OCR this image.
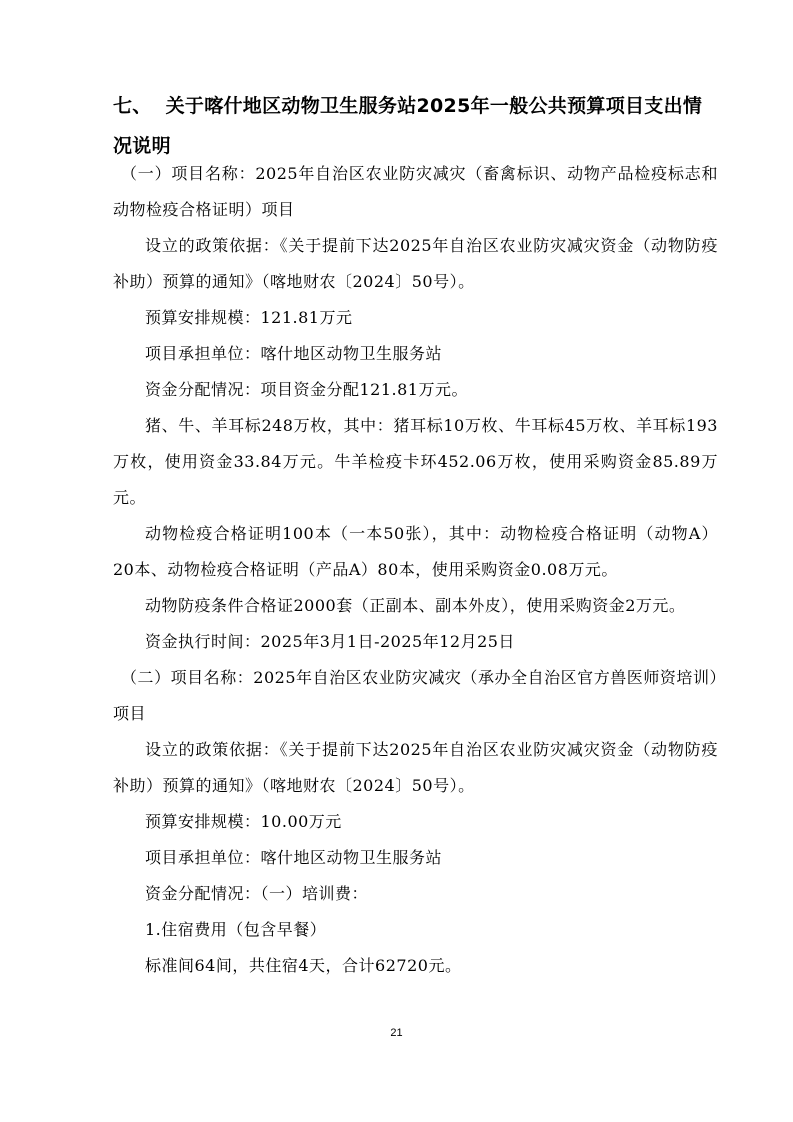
七、 关于喀什地区动物卫生服务站2025年一般公共预算项目支出情况说明

（一）项目名称：2025年自治区农业防灾减灾（畜禽标识、动物产品检疫标志和动物检疫合格证明）项目

设立的政策依据：《关于提前下达2025年自治区农业防灾减灾资金（动物防疫补助）预算的通知》（喀地财农〔2024〕50号）。

预算安排规模：121.81万元

项目承担单位：喀什地区动物卫生服务站

资金分配情况：项目资金分配121.81万元。

猪、牛、羊耳标248万枚，其中：猪耳标10万枚、牛耳标45万枚、羊耳标193万枚，使用资金33.84万元。牛羊检疫卡环452.06万枚，使用采购资金85.89万元。

动物检疫合格证明100本（一本50张），其中：动物检疫合格证明（动物A）20本、动物检疫合格证明（产品A）80本，使用采购资金0.08万元。

动物防疫条件合格证2000套（正副本、副本外皮），使用采购资金2万元。

资金执行时间：2025年3月1日-2025年12月25日

（二）项目名称：2025年自治区农业防灾减灾（承办全自治区官方兽医师资培训）项目

设立的政策依据：《关于提前下达2025年自治区农业防灾减灾资金（动物防疫补助）预算的通知》（喀地财农〔2024〕50号）。

预算安排规模：10.00万元

项目承担单位：喀什地区动物卫生服务站

资金分配情况：（一）培训费：

1.住宿费用（包含早餐）

标准间64间，共住宿4天，合计62720元。

21
